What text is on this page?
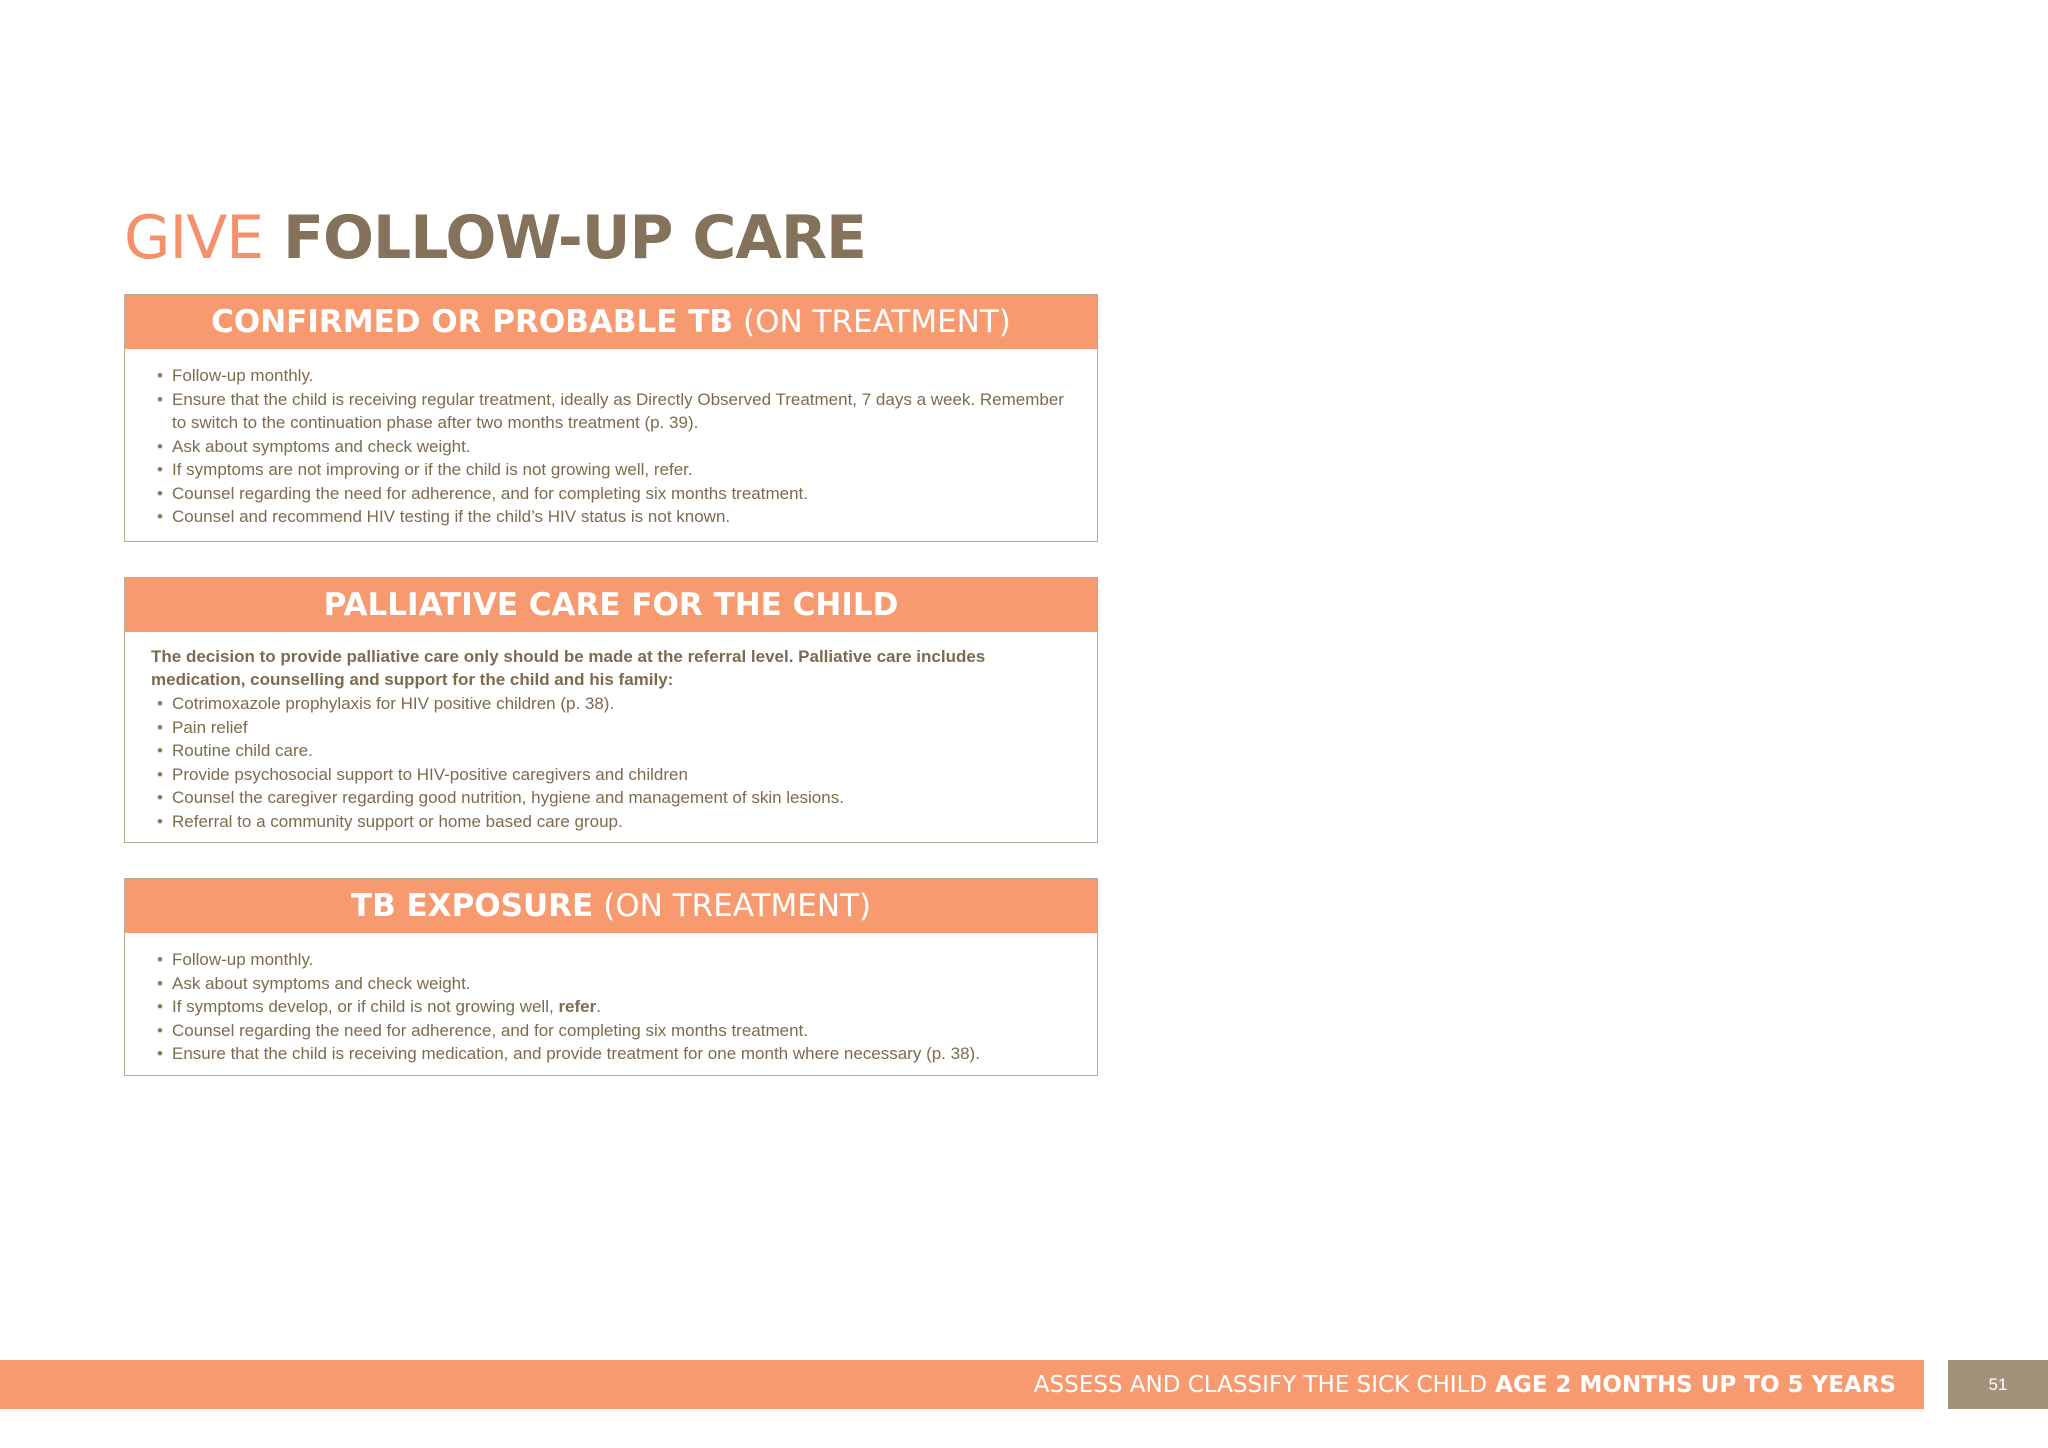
GIVE FOLLOW-UP CARE
CONFIRMED OR PROBABLE TB (ON TREATMENT)
• Follow-up monthly.
• Ensure that the child is receiving regular treatment, ideally as Directly Observed Treatment, 7 days a week. Remember to switch to the continuation phase after two months treatment (p. 39).
• Ask about symptoms and check weight.
• If symptoms are not improving or if the child is not growing well, refer.
• Counsel regarding the need for adherence, and for completing six months treatment.
• Counsel and recommend HIV testing if the child’s HIV status is not known.
PALLIATIVE CARE FOR THE CHILD

The decision to provide palliative care only should be made at the referral level. Palliative care includes medication, counselling and support for the child and his family:

• Cotrimoxazole prophylaxis for HIV positive children (p. 38).
• Pain relief
• Routine child care.
• Provide psychosocial support to HIV-positive caregivers and children
• Counsel the caregiver regarding good nutrition, hygiene and management of skin lesions.
• Referral to a community support or home based care group.
TB EXPOSURE (ON TREATMENT)
• Follow-up monthly.
• Ask about symptoms and check weight.
• If symptoms develop, or if child is not growing well, refer.
• Counsel regarding the need for adherence, and for completing six months treatment.
• Ensure that the child is receiving medication, and provide treatment for one month where necessary (p. 38).
ASSESS AND CLASSIFY THE SICK CHILD AGE 2 MONTHS UP TO 5 YEARS	51
